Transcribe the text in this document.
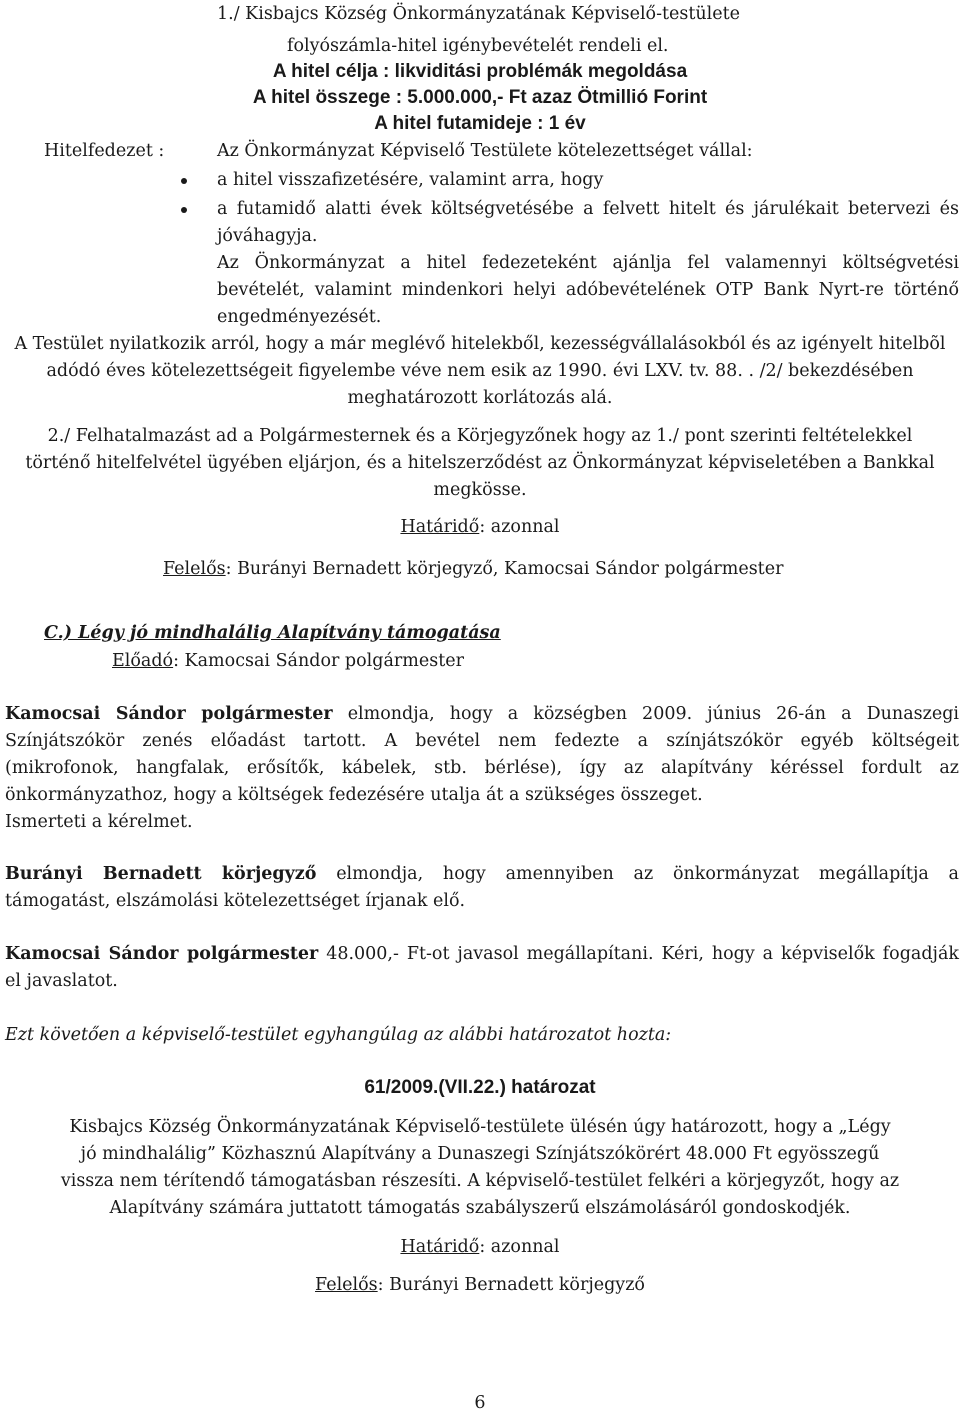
1./ Kisbajcs Község Önkormányzatának Képviselő-testülete
folyószámla-hitel igénybevételét rendeli el.
A hitel célja : likviditási problémák megoldása
A hitel összege : 5.000.000,- Ft azaz Ötmillió Forint
A hitel futamideje : 1 év
Hitelfedezet :	Az Önkormányzat Képviselő Testülete kötelezettséget vállal:
a hitel visszafizetésére, valamint arra, hogy
a futamidő alatti évek költségvetésébe a felvett hitelt és járulékait betervezi és
jóváhagyja.
Az Önkormányzat a hitel fedezeteként ajánlja fel valamennyi költségvetési
bevételét, valamint mindenkori helyi adóbevételének OTP Bank Nyrt-re történő
engedményezését.
A Testület nyilatkozik arról, hogy a már meglévő hitelekből, kezességvállalásokból és az igényelt hitelbõl
adódó éves kötelezettségeit figyelembe véve nem esik az 1990. évi LXV. tv. 88. . /2/ bekezdésében
meghatározott korlátozás alá.
2./ Felhatalmazást ad a Polgármesternek és a Körjegyzőnek hogy az 1./ pont szerinti feltételekkel
történő hitelfelvétel ügyében eljárjon, és a hitelszerződést az Önkormányzat képviseletében a Bankkal
megkösse.
Határidő: azonnal
Felelős: Burányi Bernadett körjegyző, Kamocsai Sándor polgármester
C.) Légy jó mindhalálig Alapítvány támogatása
Előadó: Kamocsai Sándor polgármester
Kamocsai Sándor polgármester elmondja, hogy a községben 2009. június 26-án a Dunaszegi
Színjátszókör zenés előadást tartott. A bevétel nem fedezte a színjátszókör egyéb költségeit
(mikrofonok, hangfalak, erősítők, kábelek, stb. bérlése), így az alapítvány kéréssel fordult az
önkormányzathoz, hogy a költségek fedezésére utalja át a szükséges összeget.
Ismerteti a kérelmet.
Burányi Bernadett körjegyző elmondja, hogy amennyiben az önkormányzat megállapítja a
támogatást, elszámolási kötelezettséget írjanak elő.
Kamocsai Sándor polgármester 48.000,- Ft-ot javasol megállapítani. Kéri, hogy a képviselők fogadják
el javaslatot.
Ezt követően a képviselő-testület egyhangúlag az alábbi határozatot hozta:
61/2009.(VII.22.) határozat
Kisbajcs Község Önkormányzatának Képviselő-testülete ülésén úgy határozott, hogy a „Légy
jó mindhalálig” Közhasznú Alapítvány a Dunaszegi Színjátszókörért 48.000 Ft egyösszegű
vissza nem térítendő támogatásban részesíti. A képviselő-testület felkéri a körjegyzőt, hogy az
Alapítvány számára juttatott támogatás szabályszerű elszámolásáról gondoskodjék.
Határidő: azonnal
Felelős: Burányi Bernadett körjegyző
6
